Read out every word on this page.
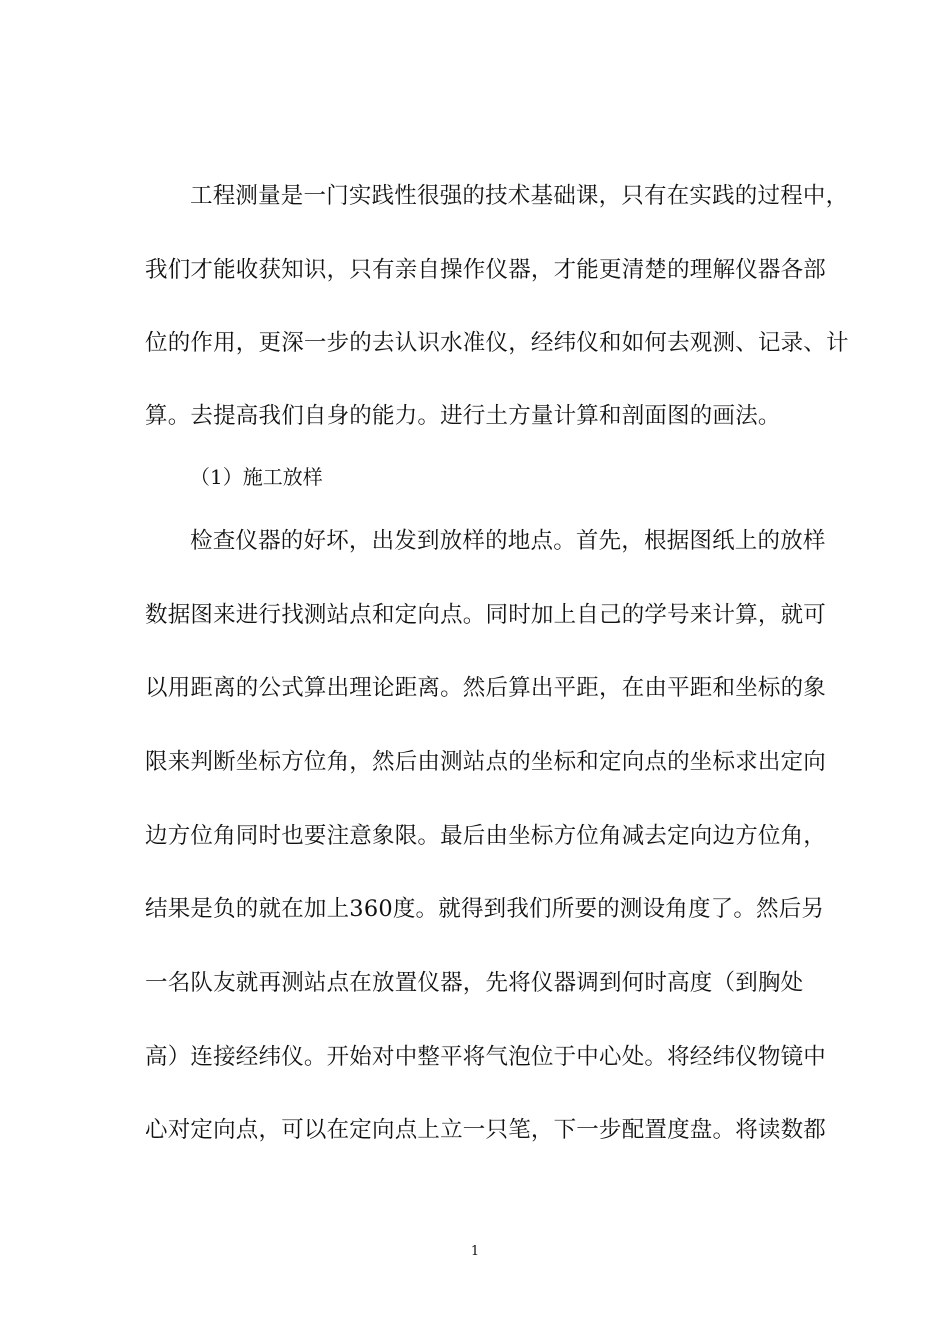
工程测量是一门实践性很强的技术基础课，只有在实践的过程中，
我们才能收获知识，只有亲自操作仪器，才能更清楚的理解仪器各部
位的作用，更深一步的去认识水准仪，经纬仪和如何去观测、记录、计
算。去提高我们自身的能力。进行土方量计算和剖面图的画法。
（1）施工放样
检查仪器的好坏，出发到放样的地点。首先，根据图纸上的放样
数据图来进行找测站点和定向点。同时加上自己的学号来计算，就可
以用距离的公式算出理论距离。然后算出平距，在由平距和坐标的象
限来判断坐标方位角，然后由测站点的坐标和定向点的坐标求出定向
边方位角同时也要注意象限。最后由坐标方位角减去定向边方位角，
结果是负的就在加上360度。就得到我们所要的测设角度了。然后另
一名队友就再测站点在放置仪器，先将仪器调到何时高度（到胸处
高）连接经纬仪。开始对中整平将气泡位于中心处。将经纬仪物镜中
心对定向点，可以在定向点上立一只笔，下一步配置度盘。将读数都
1
